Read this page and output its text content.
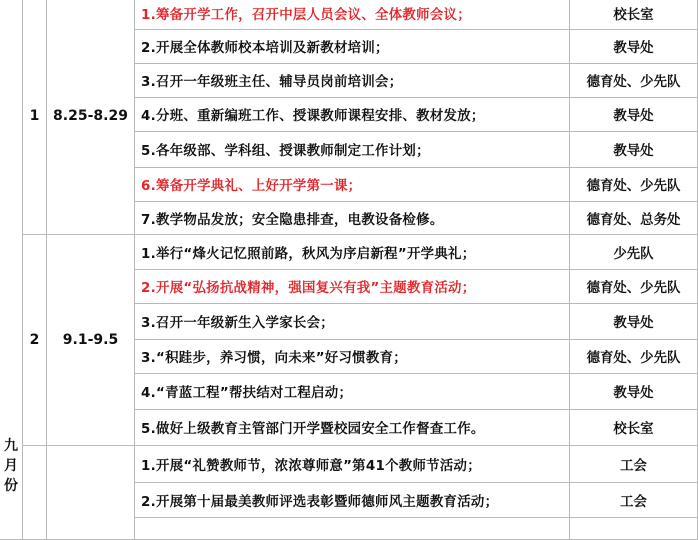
1 8.25-8.29
1.筹备开学工作，召开中层人员会议、全体教师会议；	校长室
2.开展全体教师校本培训及新教材培训；	教导处
3.召开一年级班主任、辅导员岗前培训会；	德育处、少先队
4.分班、重新编班工作、授课教师课程安排、教材发放；	教导处
5.各年级部、学科组、授课教师制定工作计划；	教导处
6.筹备开学典礼、上好开学第一课；	德育处、少先队
7.教学物品发放；安全隐患排查，电教设备检修。	德育处、总务处
2	9.1-9.5
1.举行“烽火记忆照前路，秋风为序启新程”开学典礼；	少先队
2.开展“弘扬抗战精神，强国复兴有我”主题教育活动；	德育处、少先队
3.召开一年级新生入学家长会；	教导处
3.“积跬步，养习惯，向未来”好习惯教育；	德育处、少先队
4.“青蓝工程”帮扶结对工程启动；	教导处
5.做好上级教育主管部门开学暨校园安全工作督查工作。	校长室
1.开展“礼赞教师节，浓浓尊师意”第41个教师节活动；	工会
2.开展第十届最美教师评选表彰暨师德师风主题教育活动；	工会
九
月
份
